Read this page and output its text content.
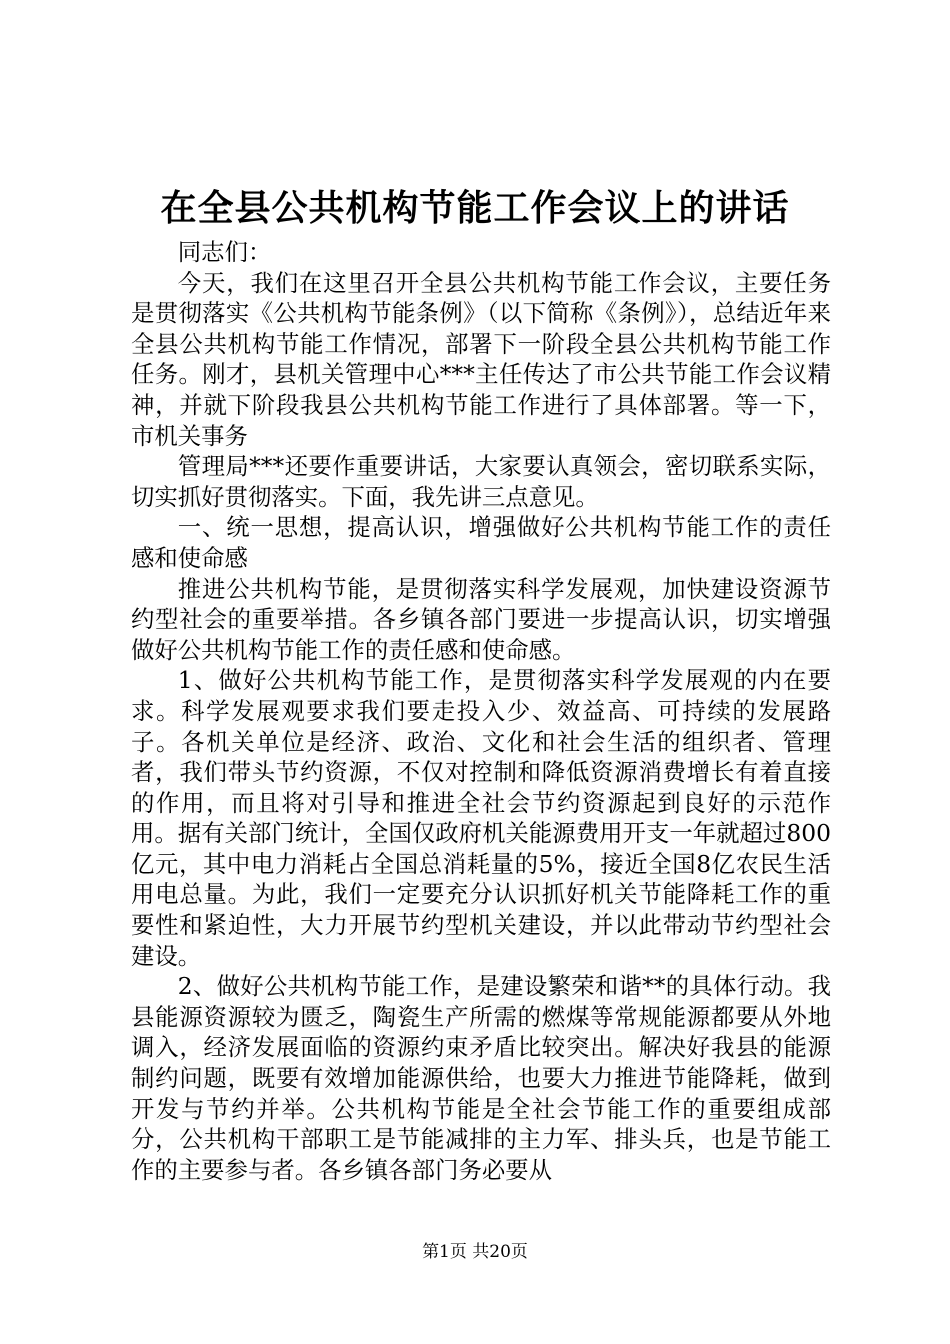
在全县公共机构节能工作会议上的讲话

同志们：

今天，我们在这里召开全县公共机构节能工作会议，主要任务是贯彻落实《公共机构节能条例》（以下简称《条例》），总结近年来全县公共机构节能工作情况，部署下一阶段全县公共机构节能工作任务。刚才，县机关管理中心***主任传达了市公共节能工作会议精神，并就下阶段我县公共机构节能工作进行了具体部署。等一下，市机关事务

管理局***还要作重要讲话，大家要认真领会，密切联系实际，切实抓好贯彻落实。下面，我先讲三点意见。

一、统一思想，提高认识，增强做好公共机构节能工作的责任感和使命感

推进公共机构节能，是贯彻落实科学发展观，加快建设资源节约型社会的重要举措。各乡镇各部门要进一步提高认识，切实增强做好公共机构节能工作的责任感和使命感。

1、做好公共机构节能工作，是贯彻落实科学发展观的内在要求。科学发展观要求我们要走投入少、效益高、可持续的发展路子。各机关单位是经济、政治、文化和社会生活的组织者、管理者，我们带头节约资源，不仅对控制和降低资源消费增长有着直接的作用，而且将对引导和推进全社会节约资源起到良好的示范作用。据有关部门统计，全国仅政府机关能源费用开支一年就超过800亿元，其中电力消耗占全国总消耗量的5%，接近全国8亿农民生活用电总量。为此，我们一定要充分认识抓好机关节能降耗工作的重要性和紧迫性，大力开展节约型机关建设，并以此带动节约型社会建设。

2、做好公共机构节能工作，是建设繁荣和谐**的具体行动。我县能源资源较为匮乏，陶瓷生产所需的燃煤等常规能源都要从外地调入，经济发展面临的资源约束矛盾比较突出。解决好我县的能源制约问题，既要有效增加能源供给，也要大力推进节能降耗，做到开发与节约并举。公共机构节能是全社会节能工作的重要组成部分，公共机构干部职工是节能减排的主力军、排头兵，也是节能工作的主要参与者。各乡镇各部门务必要从

第1页 共20页
